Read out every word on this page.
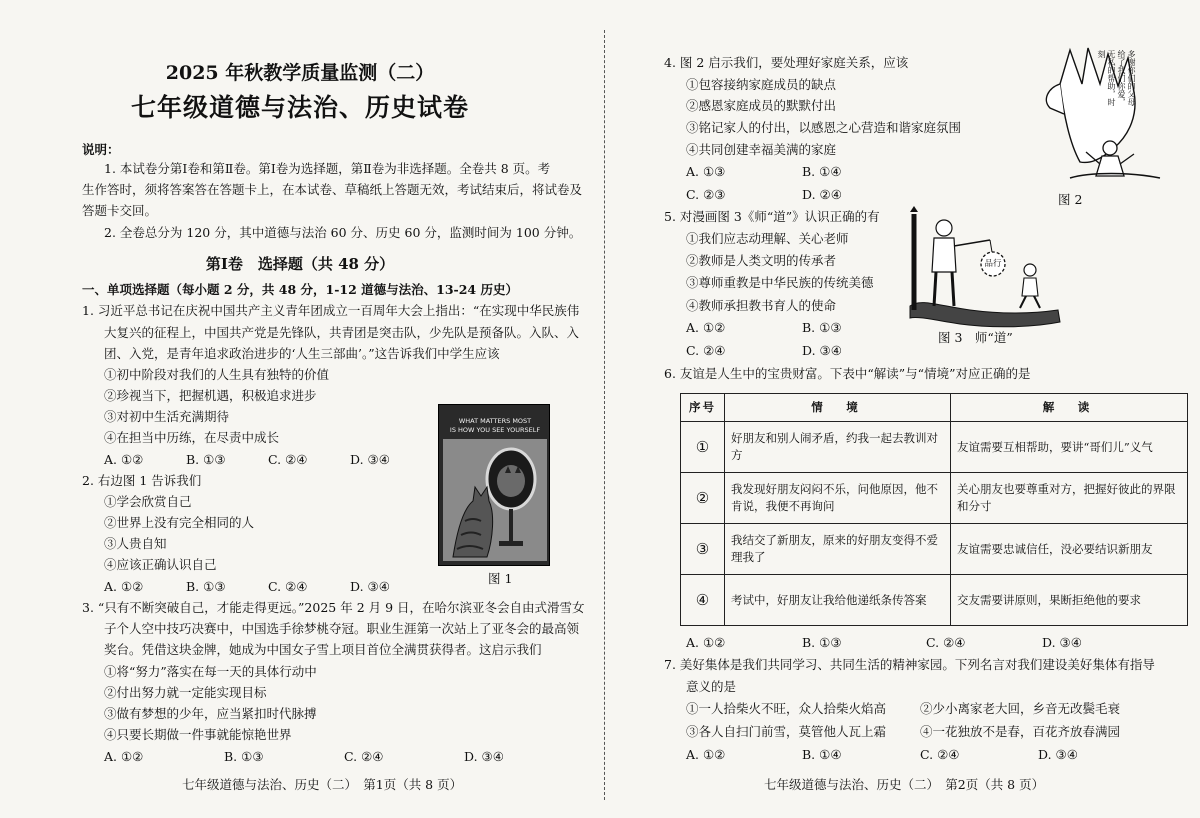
2025 年秋教学质量监测（二）
七年级道德与法治、历史试卷
说明：
1. 本试卷分第Ⅰ卷和第Ⅱ卷。第Ⅰ卷为选择题，第Ⅱ卷为非选择题。全卷共 8 页。考
生作答时，须将答案答在答题卡上，在本试卷、草稿纸上答题无效，考试结束后，将试卷及
答题卡交回。
2. 全卷总分为 120 分，其中道德与法治 60 分、历史 60 分，监测时间为 100 分钟。
第Ⅰ卷　选择题（共 48 分）
一、单项选择题（每小题 2 分，共 48 分，1-12 道德与法治、13-24 历史）
1. 习近平总书记在庆祝中国共产主义青年团成立一百周年大会上指出：“在实现中华民族伟
大复兴的征程上，中国共产党是先锋队，共青团是突击队，少先队是预备队。入队、入
团、入党，是青年追求政治进步的‘人生三部曲’。”这告诉我们中学生应该
①初中阶段对我们的人生具有独特的价值
②珍视当下，把握机遇，积极追求进步
③对初中生活充满期待
④在担当中历练，在尽责中成长
A. ①②	B. ①③	C. ②④	D. ③④
2. 右边图 1 告诉我们
①学会欣赏自己
②世界上没有完全相同的人
③人贵自知
④应该正确认识自己
A. ①②	B. ①③	C. ②④	D. ③④
WHAT MATTERS MOST
IS HOW YOU SEE YOURSELF
图 1
3. “只有不断突破自己，才能走得更远。”2025 年 2 月 9 日，在哈尔滨亚冬会自由式滑雪女
子个人空中技巧决赛中，中国选手徐梦桃夺冠。职业生涯第一次站上了亚冬会的最高领
奖台。凭借这块金牌，她成为中国女子雪上项目首位全满贯获得者。这启示我们
①将“努力”落实在每一天的具体行动中
②付出努力就一定能实现目标
③做有梦想的少年，应当紧扣时代脉搏
④只要长期做一件事就能惊艳世界
A. ①②	B. ①③	C. ②④	D. ③④
七年级道德与法治、历史（二）　第1页（共 8 页）
4. 图 2 启示我们，要处理好家庭关系，应该
①包容接纳家庭成员的缺点
②感恩家庭成员的默默付出
③铭记家人的付出，以感恩之心营造和谐家庭氛围
④共同创建幸福美满的家庭
A. ①③	B. ①④
C. ②③	D. ②④
多谢你们的父母给了我们你爱，无私的帮助，时刻
图 2
5. 对漫画图 3《师“道”》认识正确的有
①我们应志动理解、关心老师
②教师是人类文明的传承者
③尊师重教是中华民族的传统美德
④教师承担教书育人的使命
A. ①②	B. ①③
C. ②④	D. ③④
品行
图 3　师“道”
6. 友谊是人生中的宝贵财富。下表中“解读”与“情境”对应正确的是
序号	情　境	解　读
①	好朋友和别人闹矛盾，约我一起去教训对方	友谊需要互相帮助，要讲“哥们儿”义气
②	我发现好朋友闷闷不乐，问他原因，他不肯说，我便不再询问	关心朋友也要尊重对方，把握好彼此的界限和分寸
③	我结交了新朋友，原来的好朋友变得不爱理我了	友谊需要忠诚信任，没必要结识新朋友
④	考试中，好朋友让我给他递纸条传答案	交友需要讲原则，果断拒绝他的要求
A. ①②	B. ①③	C. ②④	D. ③④
7. 美好集体是我们共同学习、共同生活的精神家园。下列名言对我们建设美好集体有指导
意义的是
①一人拾柴火不旺，众人拾柴火焰高	②少小离家老大回，乡音无改鬓毛衰
③各人自扫门前雪，莫管他人瓦上霜	④一花独放不是春，百花齐放春满园
A. ①②	B. ①④	C. ②④	D. ③④
七年级道德与法治、历史（二）　第2页（共 8 页）
